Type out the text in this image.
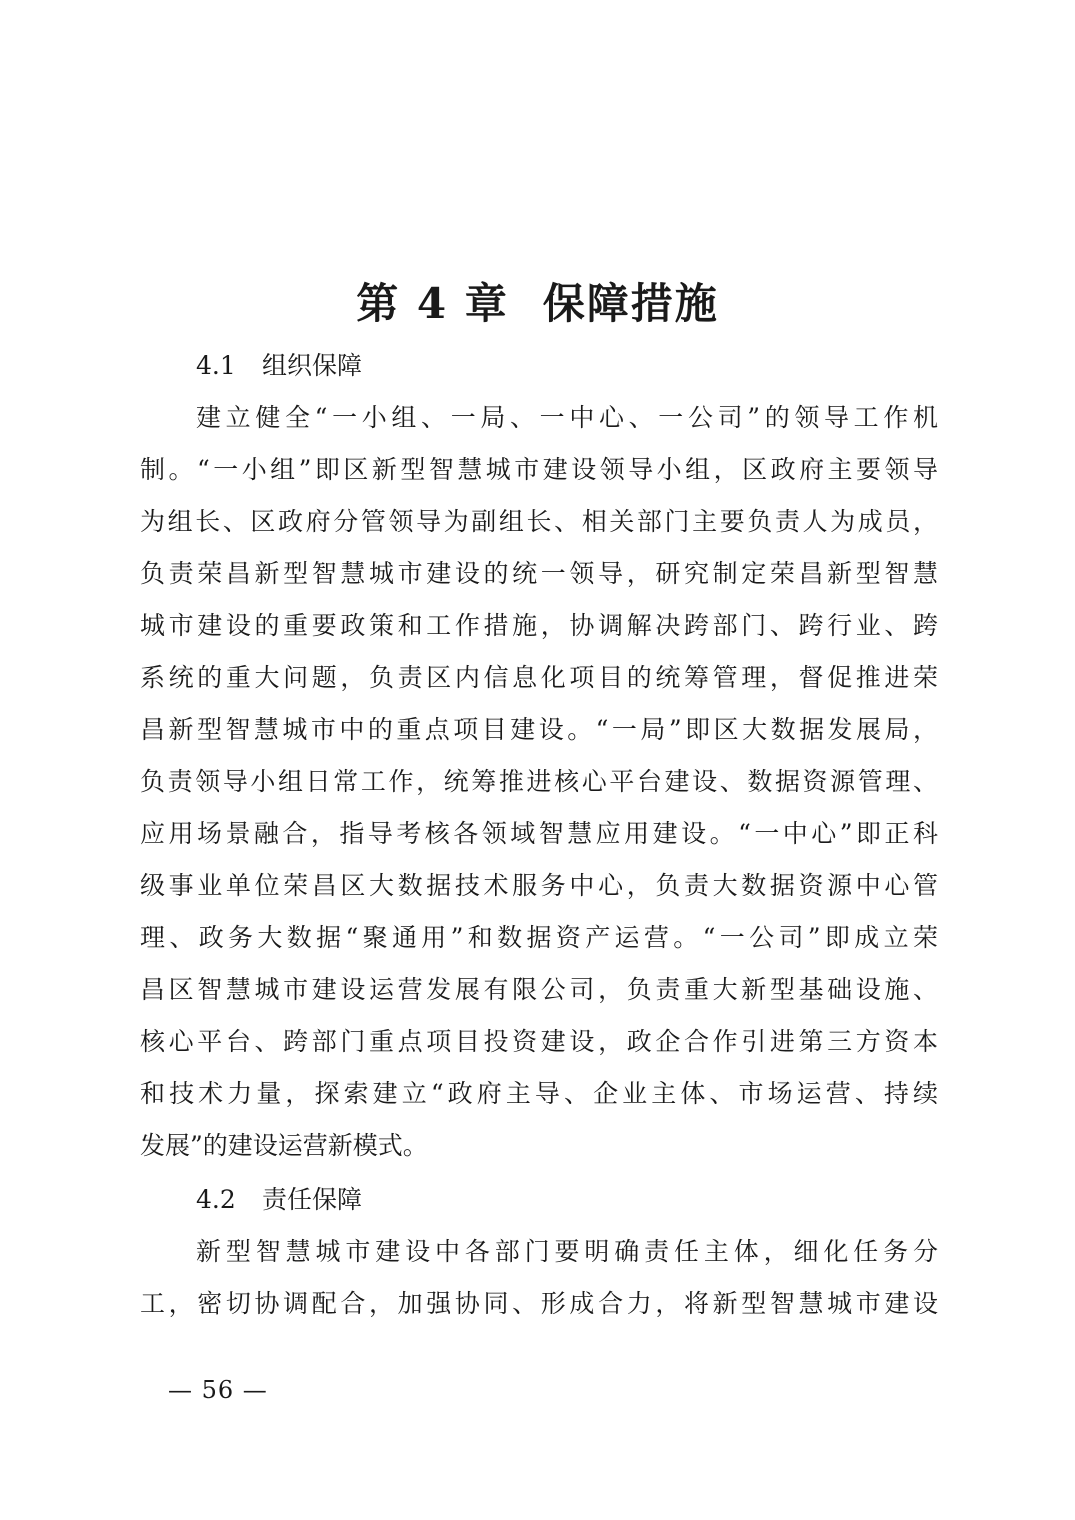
第 4 章 保障措施
4.1 组织保障
建立健全“一小组、一局、一中心、一公司”的领导工作机
制。“一小组”即区新型智慧城市建设领导小组，区政府主要领导
为组长、区政府分管领导为副组长、相关部门主要负责人为成员，
负责荣昌新型智慧城市建设的统一领导，研究制定荣昌新型智慧
城市建设的重要政策和工作措施，协调解决跨部门、跨行业、跨
系统的重大问题，负责区内信息化项目的统筹管理，督促推进荣
昌新型智慧城市中的重点项目建设。“一局”即区大数据发展局，
负责领导小组日常工作，统筹推进核心平台建设、数据资源管理、
应用场景融合，指导考核各领域智慧应用建设。“一中心”即正科
级事业单位荣昌区大数据技术服务中心，负责大数据资源中心管
理、政务大数据“聚通用”和数据资产运营。“一公司”即成立荣
昌区智慧城市建设运营发展有限公司，负责重大新型基础设施、
核心平台、跨部门重点项目投资建设，政企合作引进第三方资本
和技术力量，探索建立“政府主导、企业主体、市场运营、持续
发展”的建设运营新模式。
4.2 责任保障
新型智慧城市建设中各部门要明确责任主体，细化任务分
工，密切协调配合，加强协同、形成合力，将新型智慧城市建设
— 56 —
